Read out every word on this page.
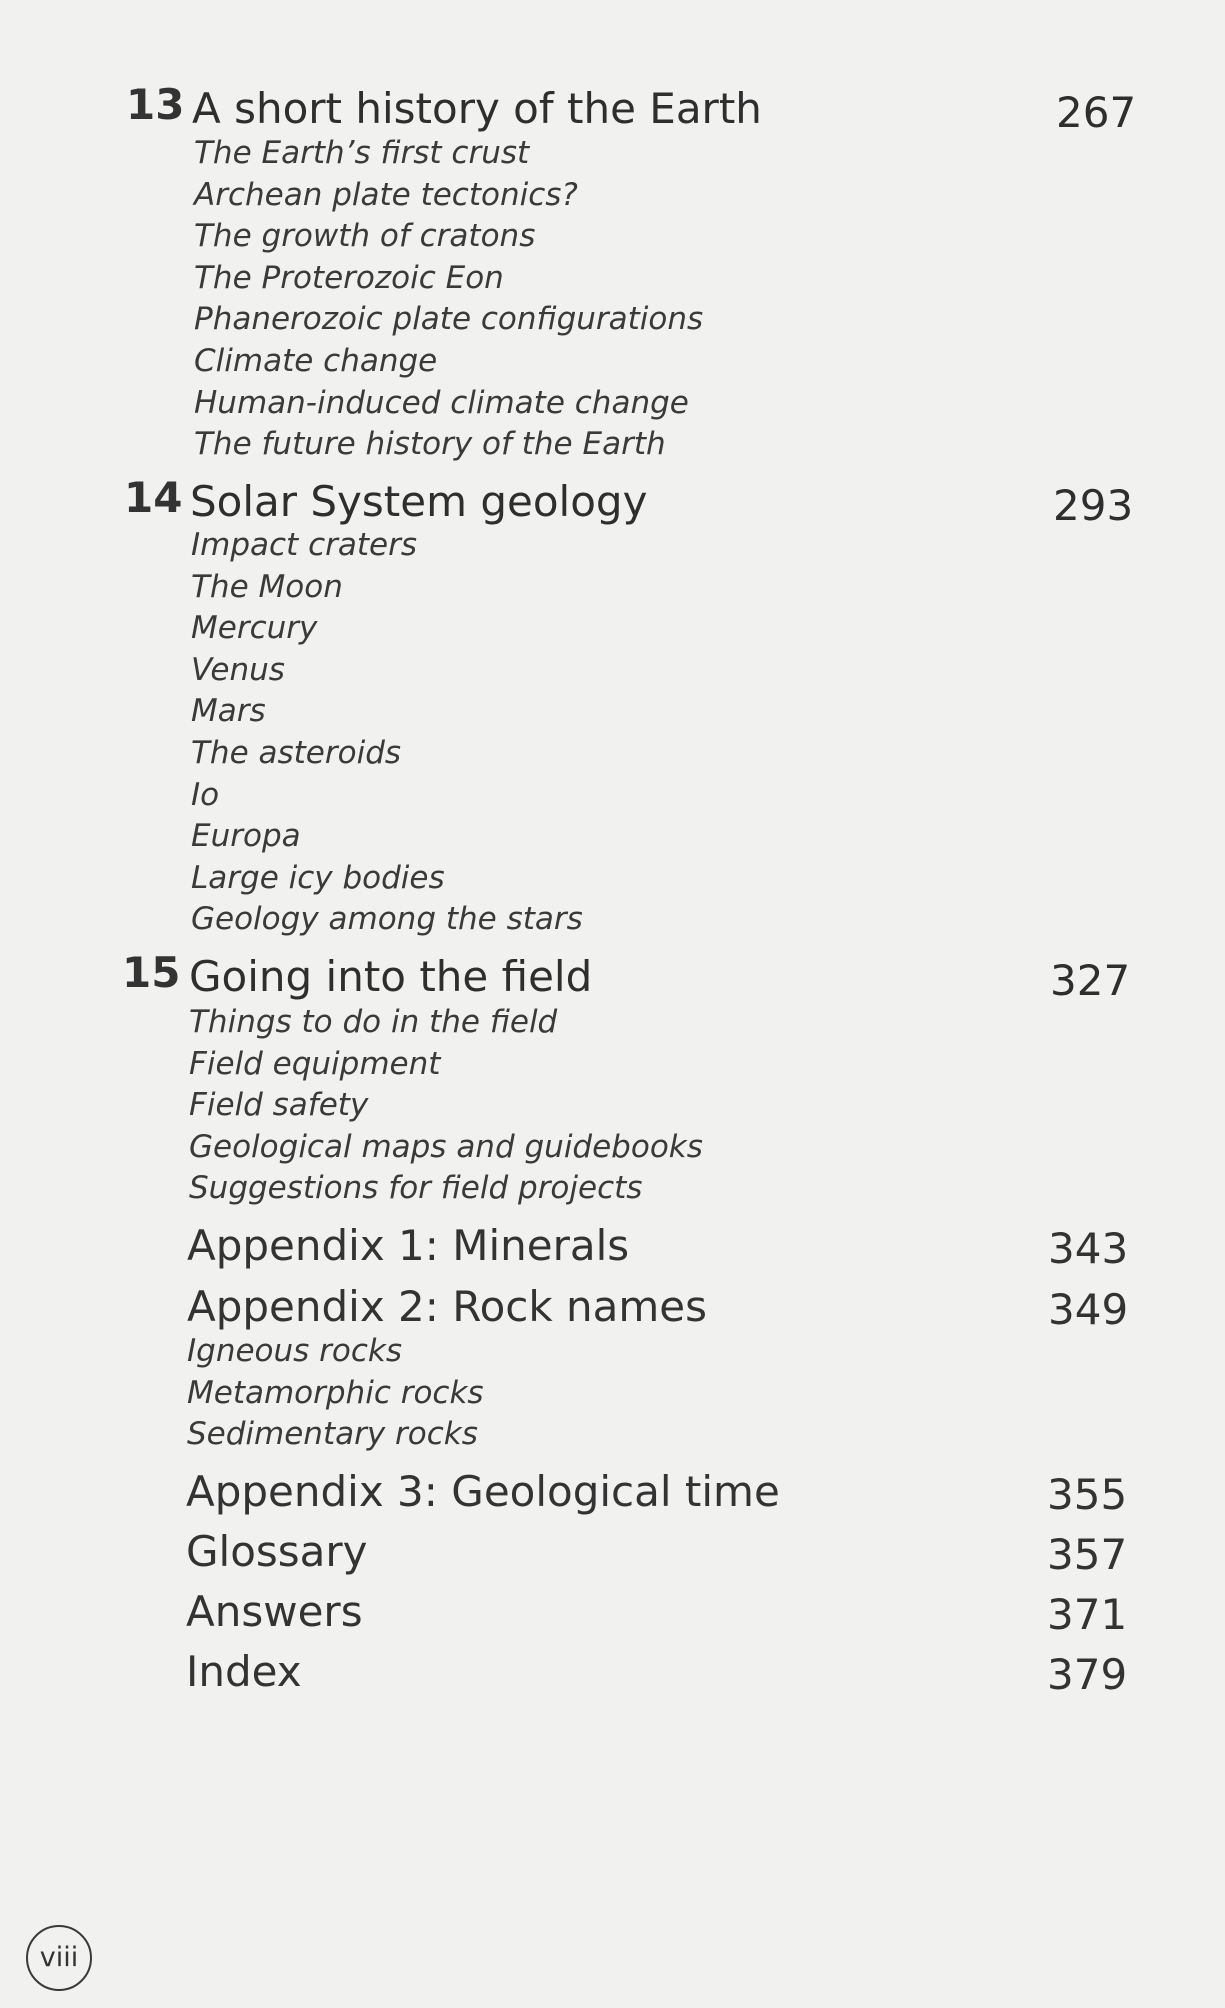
13 A short history of the Earth	267
The Earth’s first crust
Archean plate tectonics?
The growth of cratons
The Proterozoic Eon
Phanerozoic plate configurations
Climate change
Human-induced climate change
The future history of the Earth
14 Solar System geology	293
Impact craters
The Moon
Mercury
Venus
Mars
The asteroids
Io
Europa
Large icy bodies
Geology among the stars
15 Going into the field	327
Things to do in the field
Field equipment
Field safety
Geological maps and guidebooks
Suggestions for field projects
Appendix 1: Minerals	343
Appendix 2: Rock names	349
Igneous rocks
Metamorphic rocks
Sedimentary rocks
Appendix 3: Geological time	355
Glossary	357
Answers	371
Index	379
viii
